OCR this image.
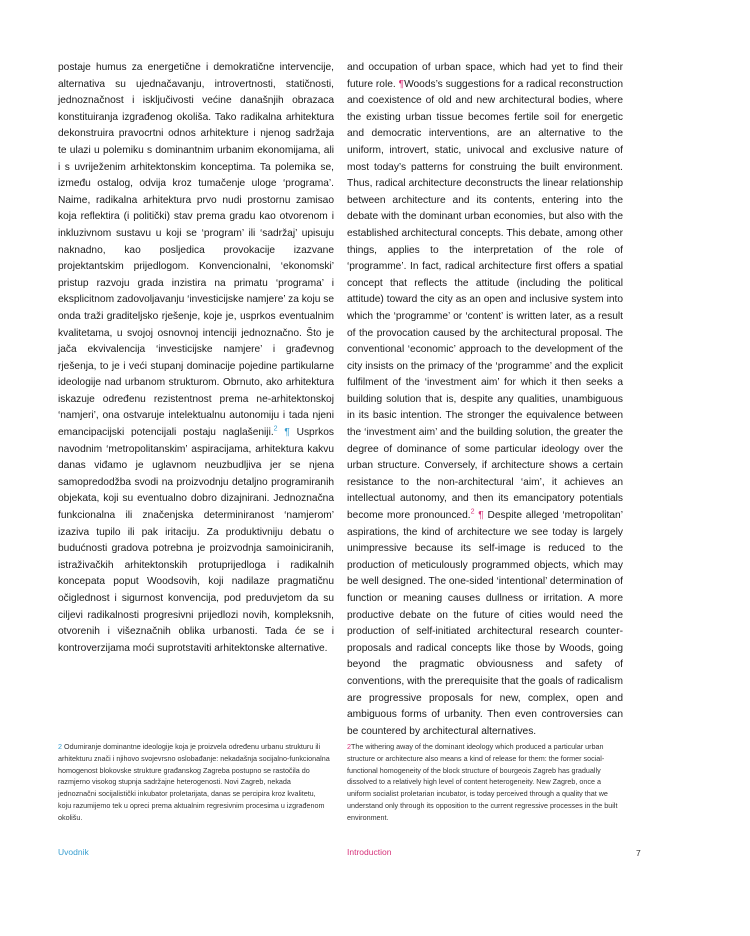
postaje humus za energetične i demokratične intervencije, alternativa su ujednačavanju, introvertnosti, statičnosti, jednoznačnost i isključivosti većine današnjih obrazaca konstituiranja izgrađenog okoliša. Tako radikalna arhitektura dekonstruira pravocrtni odnos arhitekture i njenog sadržaja te ulazi u polemiku s dominantnim urbanim ekonomijama, ali i s uvriježenim arhitektonskim konceptima. Ta polemika se, između ostalog, odvija kroz tumačenje uloge ‘programa’. Naime, radikalna arhitektura prvo nudi prostornu zamisao koja reflektira (i politički) stav prema gradu kao otvorenom i inkluzivnom sustavu u koji se ‘program’ ili ‘sadržaj’ upisuju naknadno, kao posljedica provokacije izazvane projektantskim prijedlogom. Konvencionalni, ‘ekonomski’ pristup razvoju grada inzistira na primatu ‘programa’ i eksplicitnom zadovoljavanju ‘investicijske namjere’ za koju se onda traži graditeljsko rješenje, koje je, usprkos eventualnim kvalitetama, u svojoj osnovnoj intenciji jednoznačno. Što je jača ekvivalencija ‘investicijske namjere’ i građevnog rješenja, to je i veći stupanj dominacije pojedine partikularne ideologije nad urbanom strukturom. Obrnuto, ako arhitektura iskazuje određenu rezistentnost prema ne-arhitektonskoj ‘namjeri’, ona ostvaruje intelektualnu autonomiju i tada njeni emancipacijski potencijali postaju naglašeniji.$^2$ ¶ Usprkos navodnim ‘metropolitanskim’ aspiracijama, arhitektura kakvu danas viđamo je uglavnom neuzbudljiva jer se njena samopredodžba svodi na proizvodnju detaljno programiranih objekata, koji su eventualno dobro dizajnirani. Jednoznačna funkcionalna ili značenjska determiniranost ‘namjerom’ izaziva tupilo ili pak iritaciju. Za produktivniju debatu o budućnosti gradova potrebna je proizvodnja samoiniciranih, istraživačkih arhitektonskih protuprijedloga i radikalnih koncepata poput Woodsovih, koji nadilaze pragmatičnu očiglednost i sigurnost konvencija, pod preduvjetom da su ciljevi radikalnosti progresivni prijedlozi novih, kompleksnih, otvorenih i višeznačnih oblika urbanosti. Tada će se i kontroverzijama moći suprotstaviti arhitektonske alternative.

and occupation of urban space, which had yet to find their future role. ¶Woods’s suggestions for a radical reconstruction and coexistence of old and new architectural bodies, where the existing urban tissue becomes fertile soil for energetic and democratic interventions, are an alternative to the uniform, introvert, static, univocal and exclusive nature of most today’s patterns for construing the built environment. Thus, radical architecture deconstructs the linear relationship between architecture and its contents, entering into the debate with the dominant urban economies, but also with the established architectural concepts. This debate, among other things, applies to the interpretation of the role of ‘programme’. In fact, radical architecture first offers a spatial concept that reflects the attitude (including the political attitude) toward the city as an open and inclusive system into which the ‘programme’ or ‘content’ is written later, as a result of the provocation caused by the architectural proposal. The conventional ‘economic’ approach to the development of the city insists on the primacy of the ‘programme’ and the explicit fulfilment of the ‘investment aim’ for which it then seeks a building solution that is, despite any qualities, unambiguous in its basic intention. The stronger the equivalence between the ‘investment aim’ and the building solution, the greater the degree of dominance of some particular ideology over the urban structure. Conversely, if architecture shows a certain resistance to the non-architectural ‘aim’, it achieves an intellectual autonomy, and then its emancipatory potentials become more pronounced.$^2$ ¶ Despite alleged ‘metropolitan’ aspirations, the kind of architecture we see today is largely unimpressive because its self-image is reduced to the production of meticulously programmed objects, which may be well designed. The one-sided ‘intentional’ determination of function or meaning causes dullness or irritation. A more productive debate on the future of cities would need the production of self-initiated architectural research counter-proposals and radical concepts like those by Woods, going beyond the pragmatic obviousness and safety of conventions, with the prerequisite that the goals of radicalism are progressive proposals for new, complex, open and ambiguous forms of urbanity. Then even controversies can be countered by architectural alternatives.

2 Odumiranje dominantne ideologije koja je proizvela određenu urbanu strukturu ili arhitekturu znači i njihovo svojevrsno oslobađanje: nekadašnja socijalno-funkcionalna homogenost blokovske strukture građanskog Zagreba postupno se rastočila do razmjerno visokog stupnja sadržajne heterogenosti. Novi Zagreb, nekada jednoznačni socijalistički inkubator proletarijata, danas se percipira kroz kvalitetu, koju razumijemo tek u opreci prema aktualnim regresivnim procesima u izgrađenom okolišu.
2The withering away of the dominant ideology which produced a particular urban structure or architecture also means a kind of release for them: the former social-functional homogeneity of the block structure of bourgeois Zagreb has gradually dissolved to a relatively high level of content heterogeneity. New Zagreb, once a uniform socialist proletarian incubator, is today perceived through a quality that we understand only through its opposition to the current regressive processes in the built environment.
Uvodnik	Introduction	7
